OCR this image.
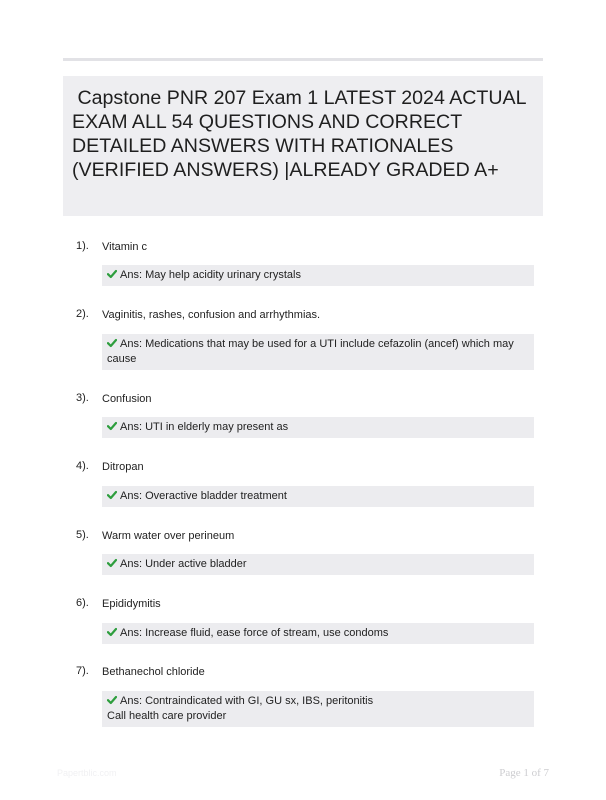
Capstone PNR 207 Exam 1 LATEST 2024 ACTUAL EXAM ALL 54 QUESTIONS AND CORRECT DETAILED ANSWERS WITH RATIONALES (VERIFIED ANSWERS) |ALREADY GRADED A+
1). Vitamin c
Ans: May help acidity urinary crystals
2). Vaginitis, rashes, confusion and arrhythmias.
Ans: Medications that may be used for a UTI include cefazolin (ancef) which may cause
3). Confusion
Ans: UTI in elderly may present as
4). Ditropan
Ans: Overactive bladder treatment
5). Warm water over perineum
Ans: Under active bladder
6). Epididymitis
Ans: Increase fluid, ease force of stream, use condoms
7). Bethanechol chloride
Ans: Contraindicated with GI, GU sx, IBS, peritonitis
Call health care provider
Papertblic.com	Page 1 of 7
